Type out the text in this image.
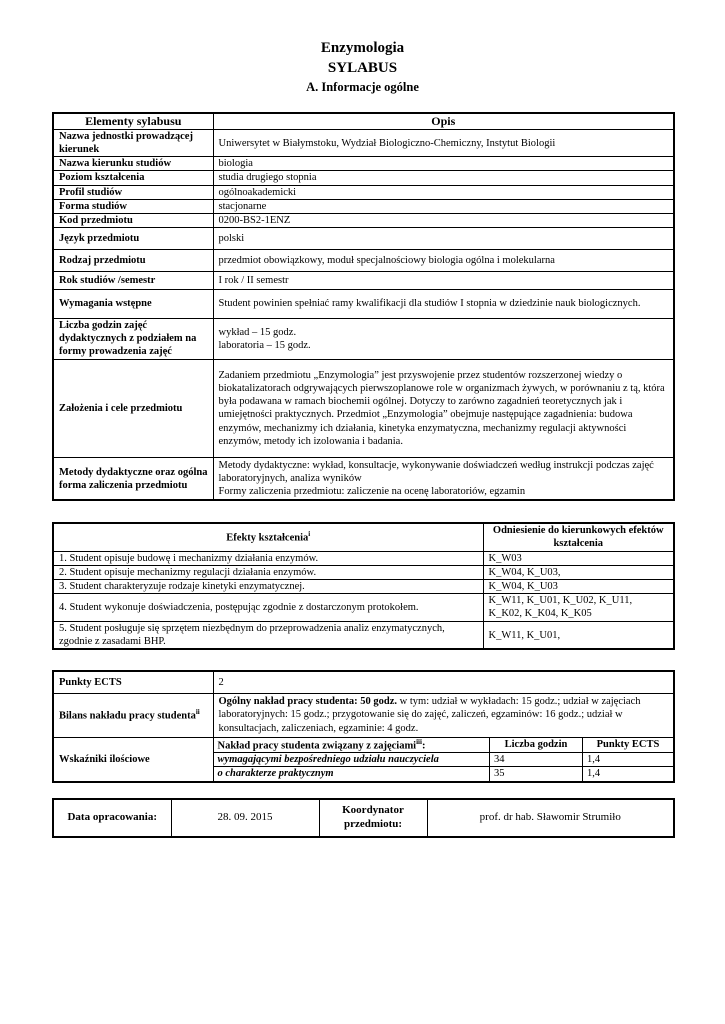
Enzymologia
SYLABUS
A. Informacje ogólne
Elementy sylabusu	Opis
Nazwa jednostki prowadzącej kierunek	Uniwersytet w Białymstoku, Wydział Biologiczno-Chemiczny, Instytut Biologii
Nazwa kierunku studiów	biologia
Poziom kształcenia	studia drugiego stopnia
Profil studiów	ogólnoakademicki
Forma studiów	stacjonarne
Kod przedmiotu	0200-BS2-1ENZ
Język przedmiotu	polski
Rodzaj przedmiotu	przedmiot obowiązkowy, moduł specjalnościowy biologia ogólna i molekularna
Rok studiów /semestr	I rok / II semestr
Wymagania wstępne	Student powinien spełniać ramy kwalifikacji dla studiów I stopnia w dziedzinie nauk biologicznych.
Liczba godzin zajęć dydaktycznych z podziałem na formy prowadzenia zajęć	wykład – 15 godz.
laboratoria – 15 godz.

Założenia i cele przedmiotu	Zadaniem przedmiotu „Enzymologia” jest przyswojenie przez studentów rozszerzonej wiedzy o biokatalizatorach odgrywających pierwszoplanowe role w organizmach żywych, w porównaniu z tą, która była podawana w ramach biochemii ogólnej. Dotyczy to zarówno zagadnień teoretycznych jak i umiejętności praktycznych. Przedmiot „Enzymologia” obejmuje następujące zagadnienia: budowa enzymów, mechanizmy ich działania, kinetyka enzymatyczna, mechanizmy regulacji aktywności enzymów, metody ich izolowania i badania.
Metody dydaktyczne oraz ogólna forma zaliczenia przedmiotu	Metody dydaktyczne: wykład, konsultacje, wykonywanie doświadczeń według instrukcji podczas zajęć laboratoryjnych, analiza wyników
Formy zaliczenia przedmiotu: zaliczenie na ocenę laboratoriów, egzamin
Efekty kształcenia$^i$	Odniesienie do kierunkowych efektów kształcenia
1. Student opisuje budowę i mechanizmy działania enzymów.	K_W03
2. Student opisuje mechanizmy regulacji działania enzymów.	K_W04, K_U03,
3. Student charakteryzuje rodzaje kinetyki enzymatycznej.	K_W04, K_U03
4. Student wykonuje doświadczenia, postępując zgodnie z dostarczonym protokołem.	K_W11, K_U01, K_U02, K_U11, K_K02, K_K04, K_K05
5. Student posługuje się sprzętem niezbędnym do przeprowadzenia analiz enzymatycznych, zgodnie z zasadami BHP.	K_W11, K_U01,
Punkty ECTS	2
Bilans nakładu pracy studenta$^{ii}$	Ogólny nakład pracy studenta: 50 godz. w tym: udział w wykładach: 15 godz.; udział w zajęciach laboratoryjnych: 15 godz.; przygotowanie się do zajęć, zaliczeń, egzaminów: 16 godz.; udział w konsultacjach, zaliczeniach, egzaminie: 4 godz.
Wskaźniki ilościowe	
Nakład pracy studenta związany z zajęciami$^{iii}$:	Liczba godzin	Punkty ECTS
wymagającymi bezpośredniego udziału nauczyciela	34	1,4
o charakterze praktycznym	35	1,4
Data opracowania:	28. 09. 2015	Koordynator przedmiotu:	prof. dr hab. Sławomir Strumiło
